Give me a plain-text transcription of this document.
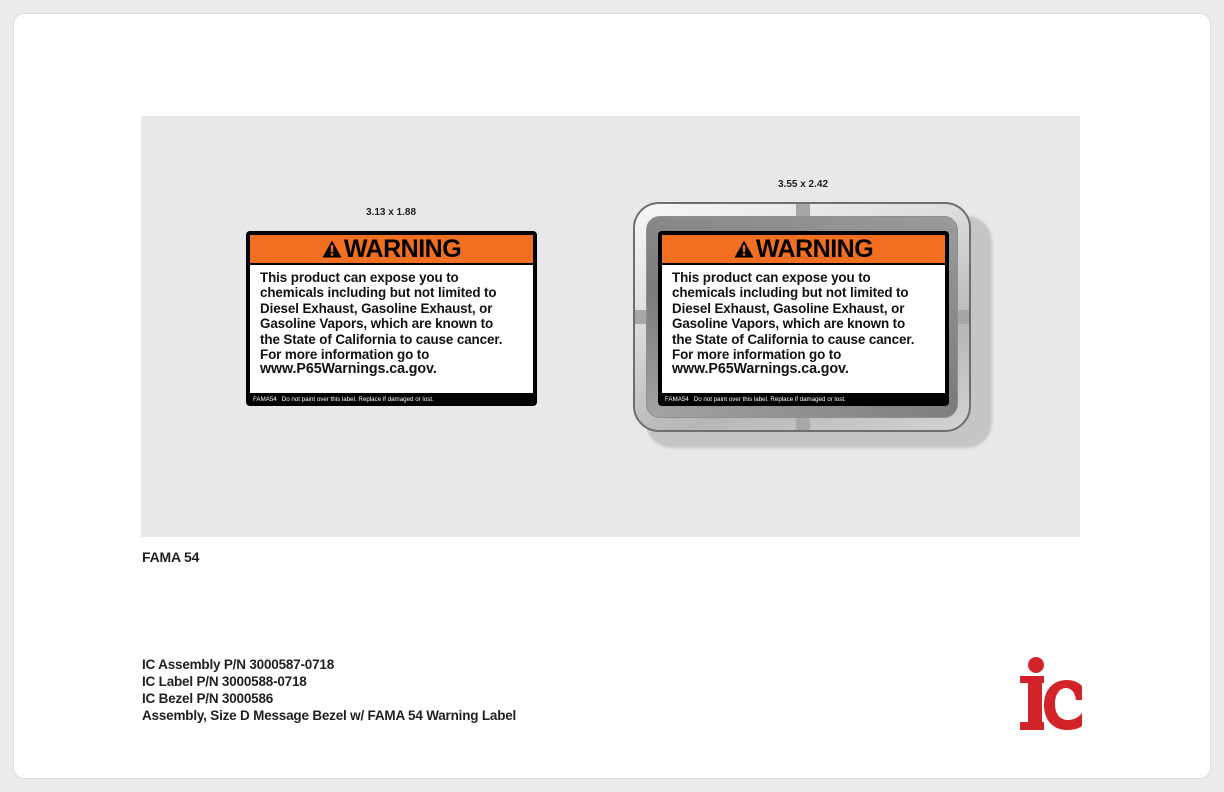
3.13 x 1.88
WARNING
This product can expose you to
chemicals including but not limited to
Diesel Exhaust, Gasoline Exhaust, or
Gasoline Vapors, which are known to
the State of California to cause cancer.
For more information go to
www.P65Warnings.ca.gov.
FAMA54 Do not paint over this label. Replace if damaged or lost.
3.55 x 2.42
WARNING
This product can expose you to
chemicals including but not limited to
Diesel Exhaust, Gasoline Exhaust, or
Gasoline Vapors, which are known to
the State of California to cause cancer.
For more information go to
www.P65Warnings.ca.gov.
FAMA54 Do not paint over this label. Replace if damaged or lost.
FAMA 54
IC Assembly P/N 3000587-0718
IC Label P/N 3000588-0718
IC Bezel P/N 3000586
Assembly, Size D Message Bezel w/ FAMA 54 Warning Label
